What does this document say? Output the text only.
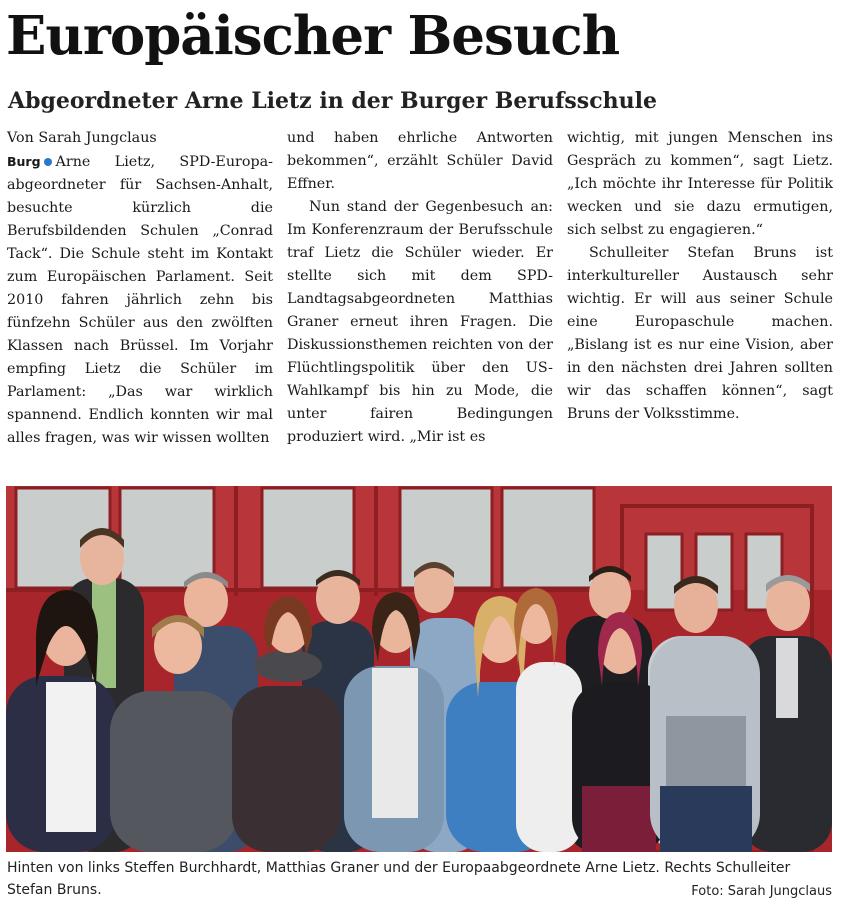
Europäischer Besuch
Abgeordneter Arne Lietz in der Burger Berufsschule
Von Sarah Jungclaus

Burg Arne Lietz, SPD-Europa-abgeordneter für Sachsen-Anhalt, besuchte kürzlich die Berufsbildenden Schulen „Conrad Tack“. Die Schule steht im Kontakt zum Europäischen Parlament. Seit 2010 fahren jährlich zehn bis fünfzehn Schüler aus den zwölften Klassen nach Brüssel. Im Vorjahr empfing Lietz die Schüler im Parlament: „Das war wirklich spannend. Endlich konnten wir mal alles fragen, was wir wissen wollten

und haben ehrliche Antworten bekommen“, erzählt Schüler David Effner.

Nun stand der Gegenbesuch an: Im Konferenzraum der Berufsschule traf Lietz die Schüler wieder. Er stellte sich mit dem SPD-Landtagsabgeordneten Matthias Graner erneut ihren Fragen. Die Diskussionsthemen reichten von der Flüchtlingspolitik über den US-Wahlkampf bis hin zu Mode, die unter fairen Bedingungen produziert wird. „Mir ist es

wichtig, mit jungen Menschen ins Gespräch zu kommen“, sagt Lietz. „Ich möchte ihr Interesse für Politik wecken und sie dazu ermutigen, sich selbst zu engagieren.“

Schulleiter Stefan Bruns ist interkultureller Austausch sehr wichtig. Er will aus seiner Schule eine Europaschule machen. „Bislang ist es nur eine Vision, aber in den nächsten drei Jahren sollten wir das schaffen können“, sagt Bruns der Volksstimme.

Hinten von links Steffen Burchhardt, Matthias Graner und der Europaabgeordnete Arne Lietz. Rechts Schulleiter Stefan Bruns.	Foto: Sarah Jungclaus
